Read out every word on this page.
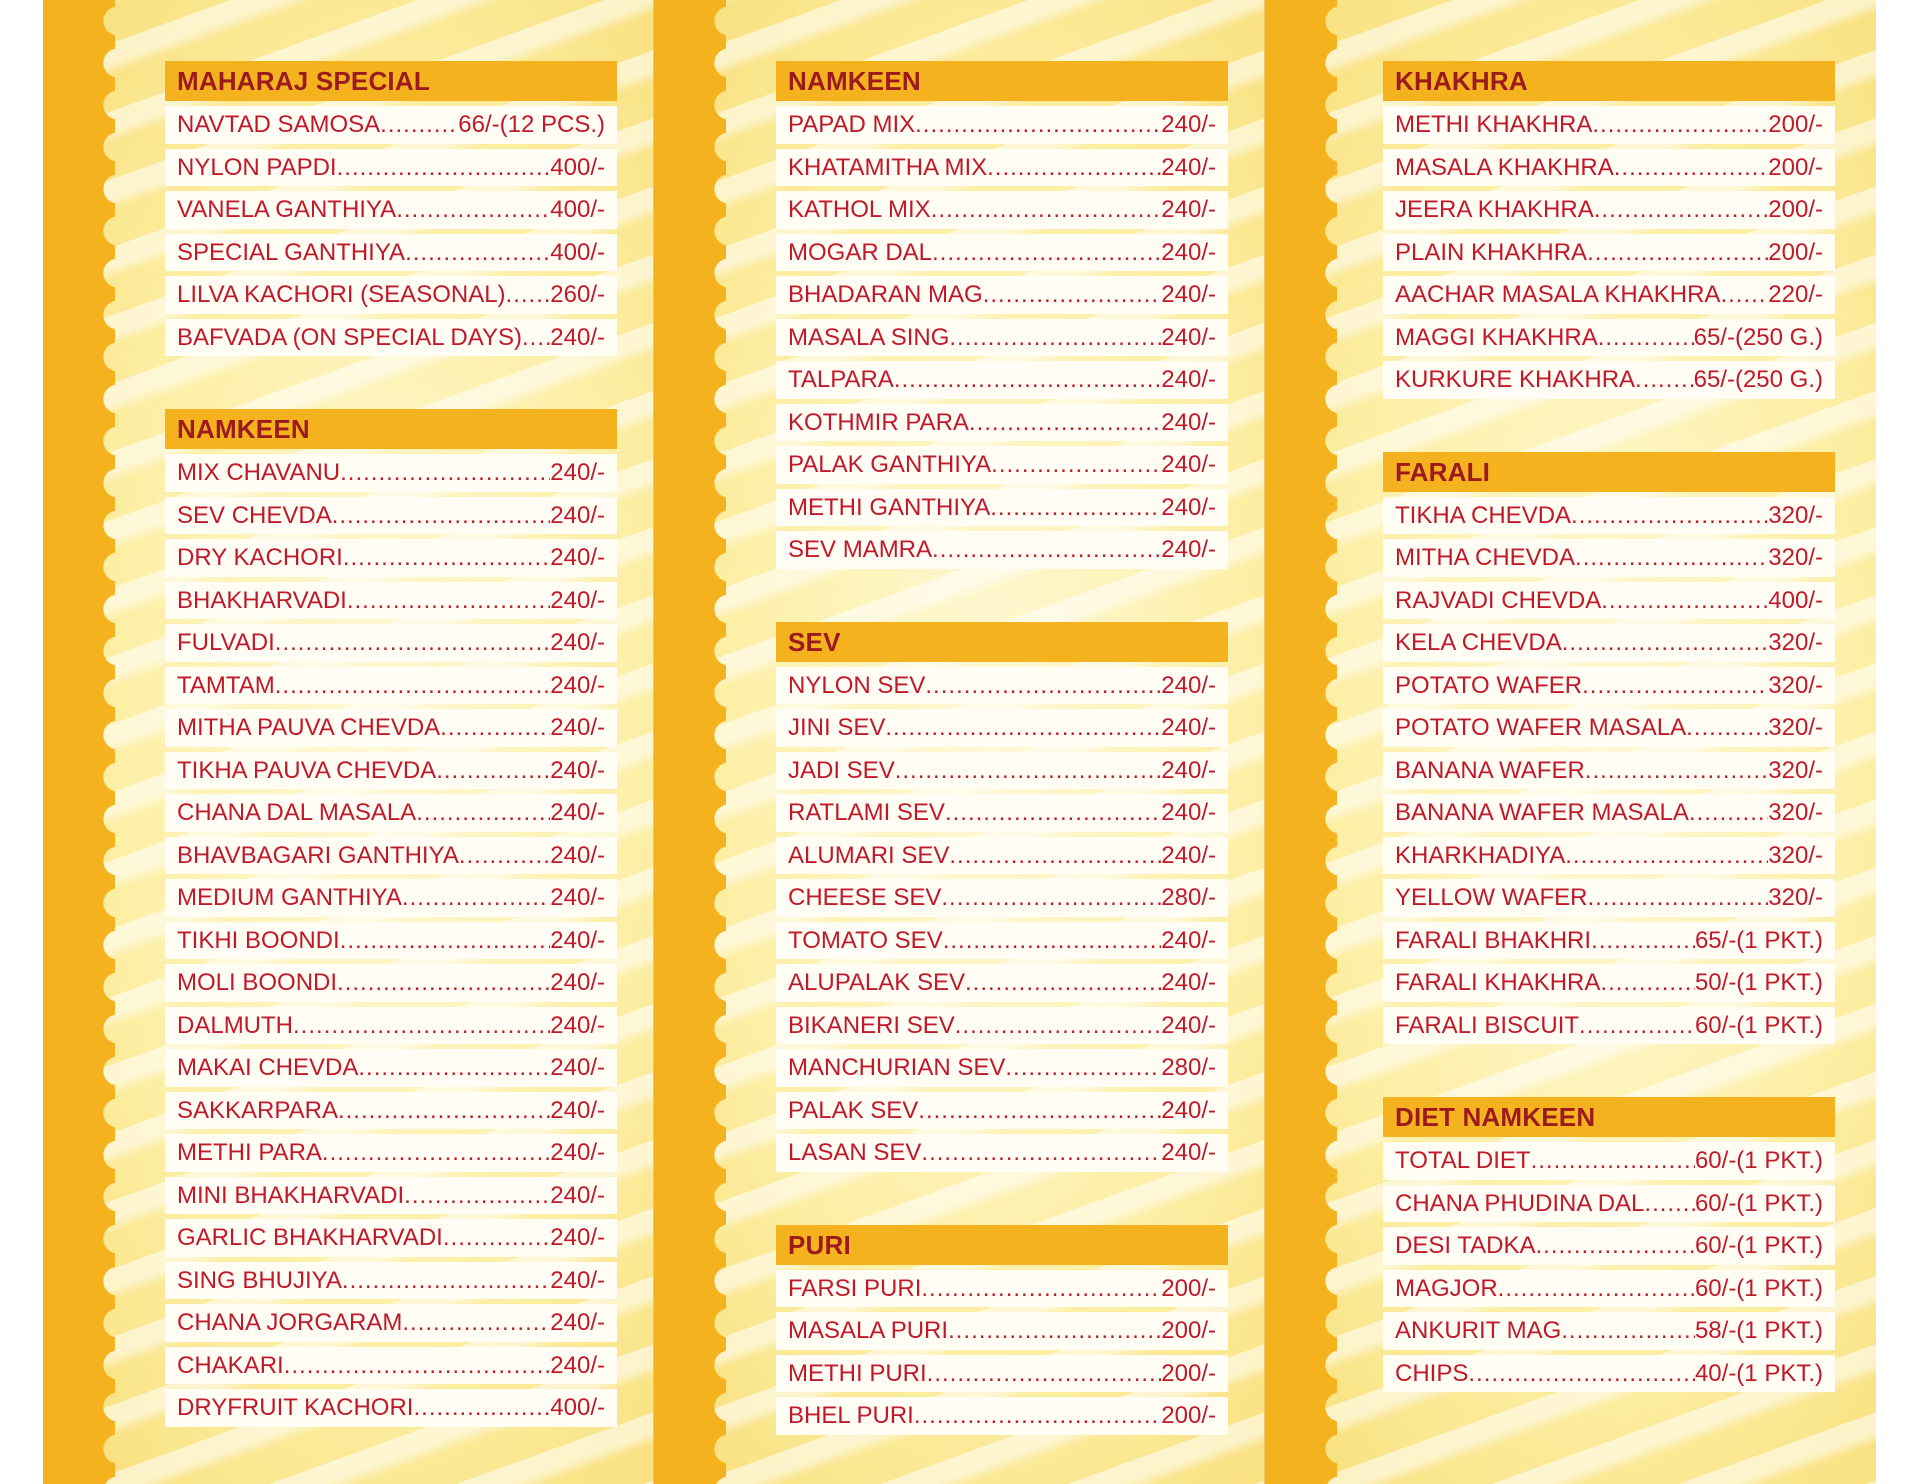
MAHARAJ SPECIAL
NAVTAD SAMOSA .....	66/-(12 PCS.)
NYLON PAPDI .....	400/-
VANELA GANTHIYA .....	400/-
SPECIAL GANTHIYA .....	400/-
LILVA KACHORI (SEASONAL) ..... 260/-
BAFVADA (ON SPECIAL DAYS) ..... 240/-
NAMKEEN
MIX CHAVANU .....	240/-
SEV CHEVDA .....	240/-
DRY KACHORI .....	240/-
BHAKHARVADI .....	240/-
FULVADI .....	240/-
TAMTAM .....	240/-
MITHA PAUVA CHEVDA .....	240/-
TIKHA PAUVA CHEVDA .....	240/-
CHANA DAL MASALA .....	240/-
BHAVBAGARI GANTHIYA .....	240/-
MEDIUM GANTHIYA .....	240/-
TIKHI BOONDI .....	240/-
MOLI BOONDI .....	240/-
DALMUTH .....	240/-
MAKAI CHEVDA .....	240/-
SAKKARPARA .....	240/-
METHI PARA .....	240/-
MINI BHAKHARVADI .....	240/-
GARLIC BHAKHARVADI .....	240/-
SING BHUJIYA .....	240/-
CHANA JORGARAM .....	240/-
CHAKARI .....	240/-
DRYFRUIT KACHORI .....	400/-
NAMKEEN
PAPAD MIX .....	240/-
KHATAMITHA MIX .....	240/-
KATHOL MIX .....	240/-
MOGAR DAL .....	240/-
BHADARAN MAG .....	240/-
MASALA SING .....	240/-
TALPARA .....	240/-
KOTHMIR PARA .....	240/-
PALAK GANTHIYA .....	240/-
METHI GANTHIYA .....	240/-
SEV MAMRA .....	240/-
SEV
NYLON SEV .....	240/-
JINI SEV .....	240/-
JADI SEV .....	240/-
RATLAMI SEV .....	240/-
ALUMARI SEV .....	240/-
CHEESE SEV .....	280/-
TOMATO SEV .....	240/-
ALUPALAK SEV .....	240/-
BIKANERI SEV .....	240/-
MANCHURIAN SEV .....	280/-
PALAK SEV .....	240/-
LASAN SEV .....	240/-
PURI
FARSI PURI .....	200/-
MASALA PURI .....	200/-
METHI PURI .....	200/-
BHEL PURI .....	200/-
KHAKHRA
METHI KHAKHRA .....	200/-
MASALA KHAKHRA .....	200/-
JEERA KHAKHRA .....	200/-
PLAIN KHAKHRA .....	200/-
AACHAR MASALA KHAKHRA ..... 220/-
MAGGI KHAKHRA .....	65/-(250 G.)
KURKURE KHAKHRA ..... 65/-(250 G.)
FARALI
TIKHA CHEVDA .....	320/-
MITHA CHEVDA .....	320/-
RAJVADI CHEVDA .....	400/-
KELA CHEVDA .....	320/-
POTATO WAFER .....	320/-
POTATO WAFER MASALA .....	320/-
BANANA WAFER .....	320/-
BANANA WAFER MASALA .....	320/-
KHARKHADIYA .....	320/-
YELLOW WAFER .....	320/-
FARALI BHAKHRI .....	65/-(1 PKT.)
FARALI KHAKHRA .....	50/-(1 PKT.)
FARALI BISCUIT .....	60/-(1 PKT.)
DIET NAMKEEN
TOTAL DIET .....	60/-(1 PKT.)
CHANA PHUDINA DAL ..... 60/-(1 PKT.)
DESI TADKA .....	60/-(1 PKT.)
MAGJOR .....	60/-(1 PKT.)
ANKURIT MAG .....	58/-(1 PKT.)
CHIPS .....	40/-(1 PKT.)
